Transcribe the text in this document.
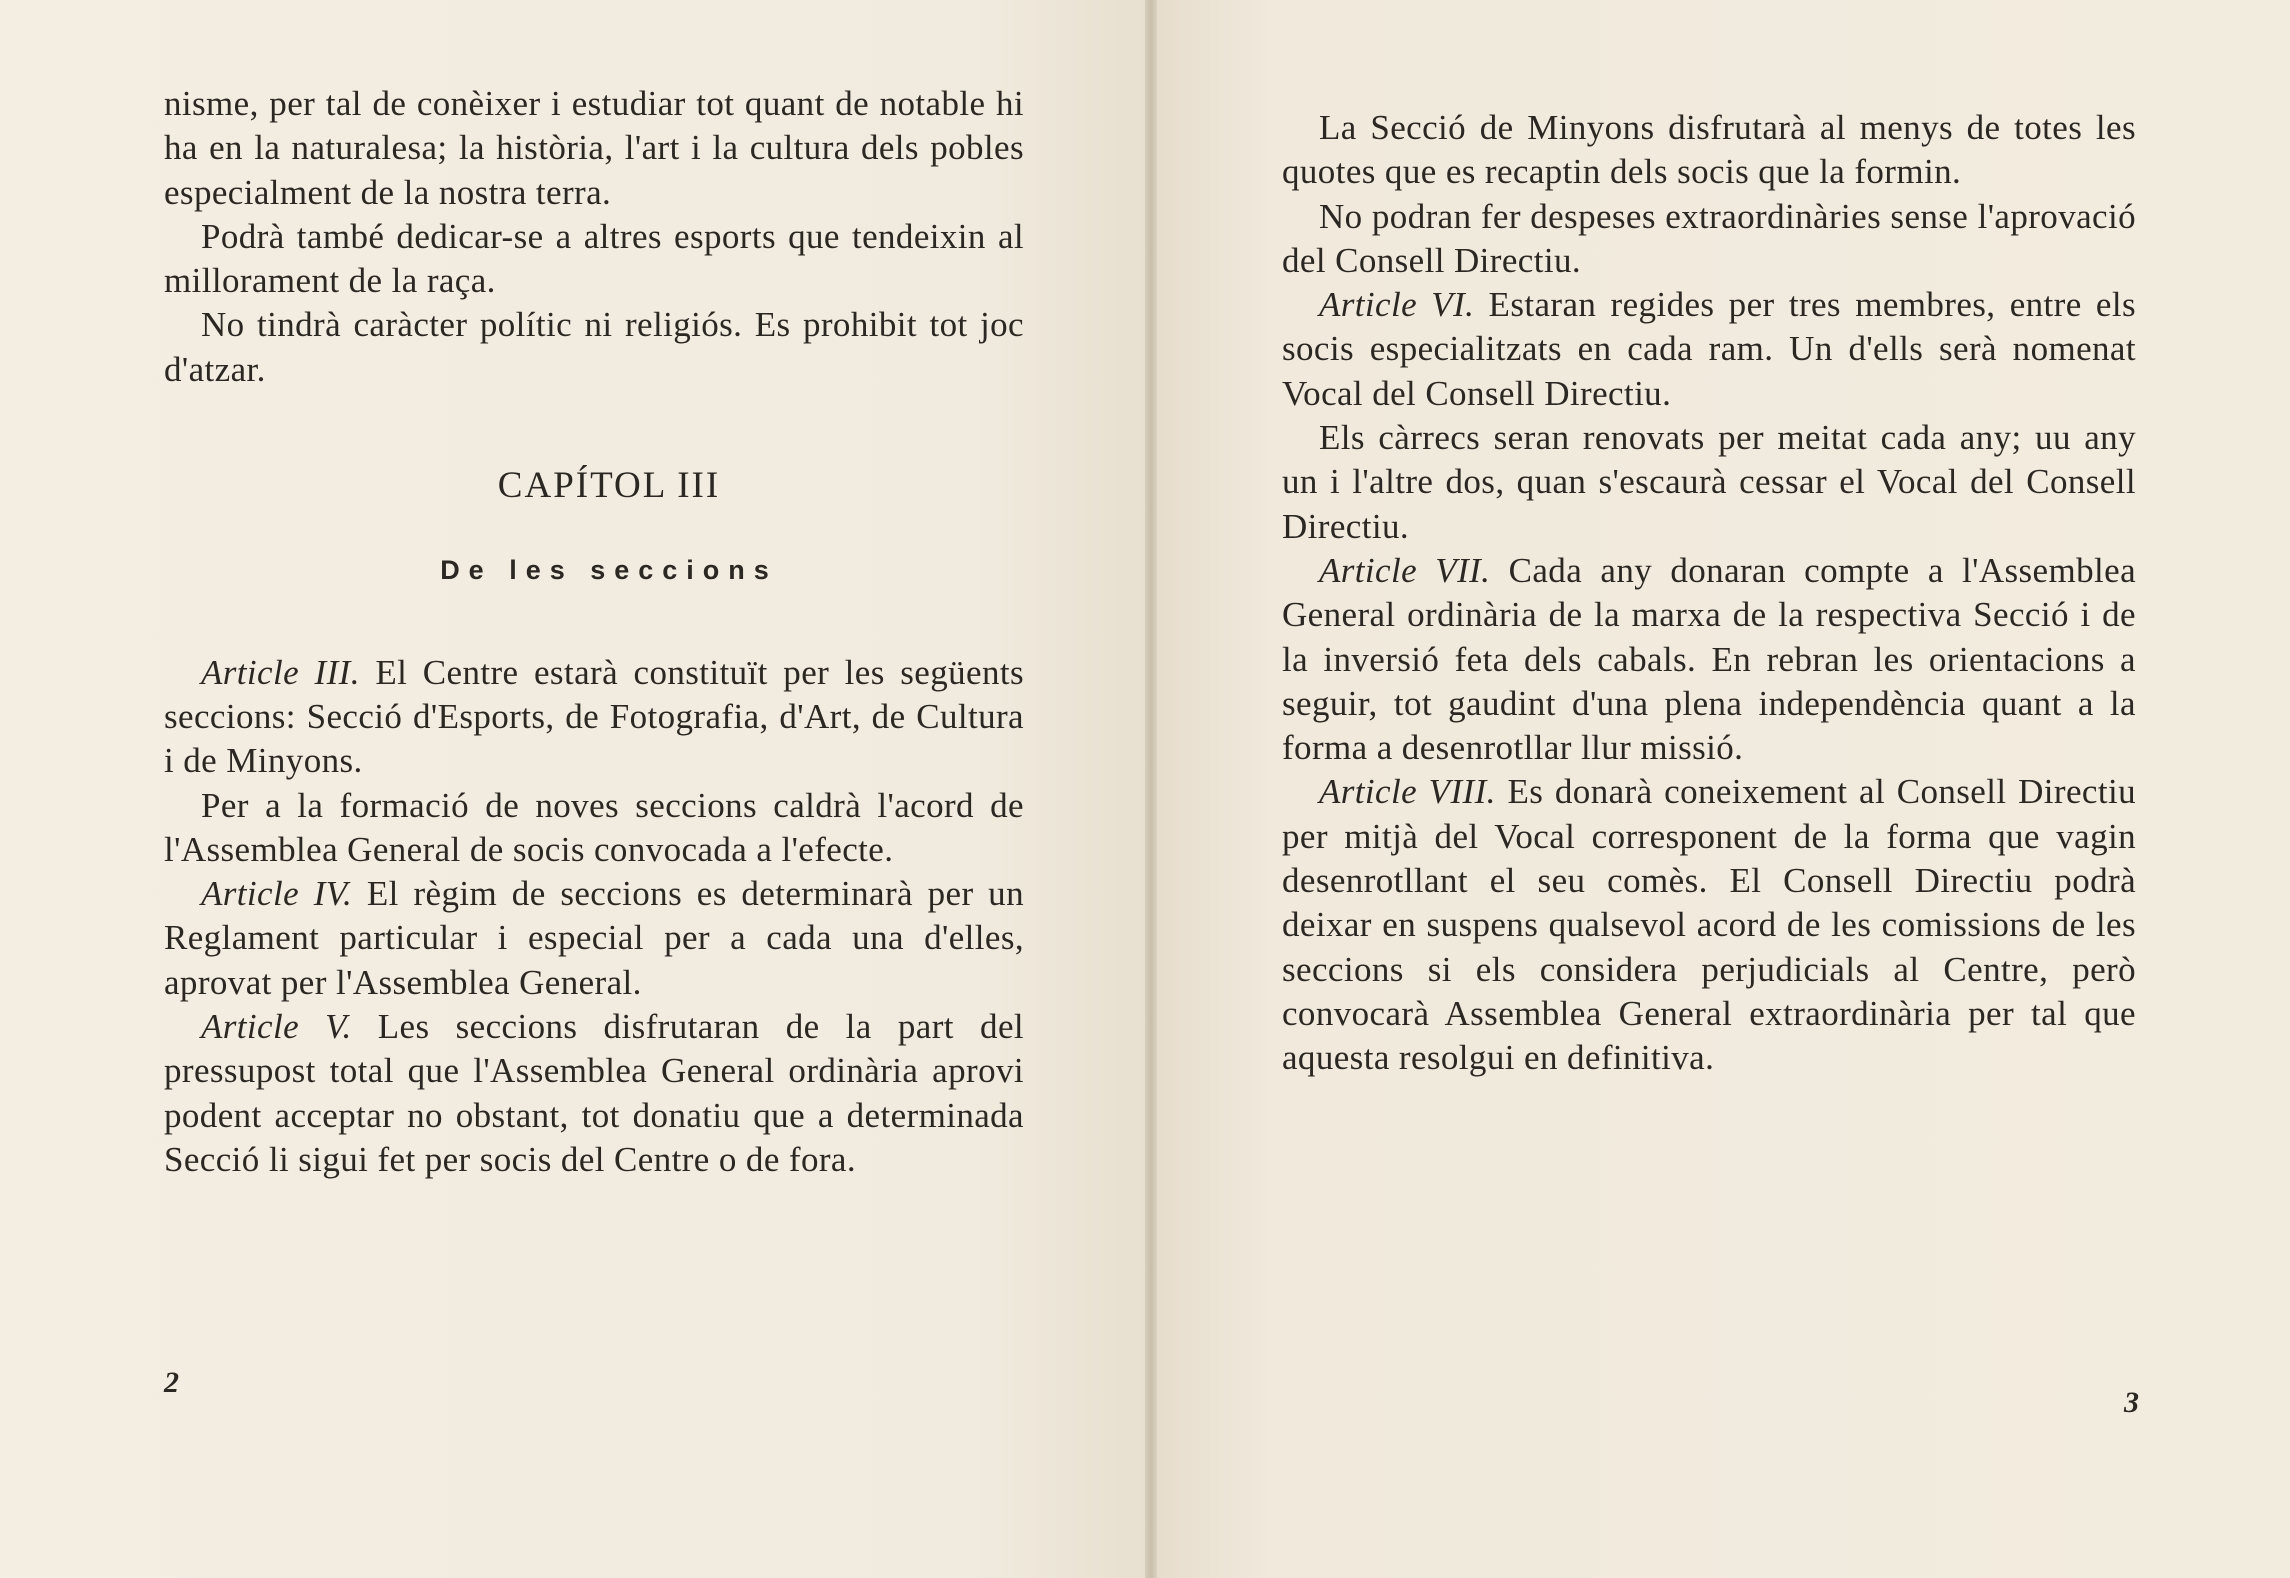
nisme, per tal de conèixer i estudiar tot quant de notable hi ha en la naturalesa; la història, l'art i la cultura dels pobles especialment de la nostra terra.

Podrà també dedicar-se a altres esports que tendeixin al millorament de la raça.

No tindrà caràcter polític ni religiós. Es prohibit tot joc d'atzar.

CAPÍTOL III

De les seccions

Article III. El Centre estarà constituït per les següents seccions: Secció d'Esports, de Fotografia, d'Art, de Cultura i de Minyons.

Per a la formació de noves seccions caldrà l'acord de l'Assemblea General de socis convocada a l'efecte.

Article IV. El règim de seccions es determinarà per un Reglament particular i especial per a cada una d'elles, aprovat per l'Assemblea General.

Article V. Les seccions disfrutaran de la part del pressupost total que l'Assemblea General ordinària aprovi podent acceptar no obstant, tot donatiu que a determinada Secció li sigui fet per socis del Centre o de fora.

2

La Secció de Minyons disfrutarà al menys de totes les quotes que es recaptin dels socis que la formin.

No podran fer despeses extraordinàries sense l'aprovació del Consell Directiu.

Article VI. Estaran regides per tres membres, entre els socis especialitzats en cada ram. Un d'ells serà nomenat Vocal del Consell Directiu.

Els càrrecs seran renovats per meitat cada any; uu any un i l'altre dos, quan s'escaurà cessar el Vocal del Consell Directiu.

Article VII. Cada any donaran compte a l'Assemblea General ordinària de la marxa de la respectiva Secció i de la inversió feta dels cabals. En rebran les orientacions a seguir, tot gaudint d'una plena independència quant a la forma a desenrotllar llur missió.

Article VIII. Es donarà coneixement al Consell Directiu per mitjà del Vocal corresponent de la forma que vagin desenrotllant el seu comès. El Consell Directiu podrà deixar en suspens qualsevol acord de les comissions de les seccions si els considera perjudicials al Centre, però convocarà Assemblea General extraordinària per tal que aquesta resolgui en definitiva.

3
